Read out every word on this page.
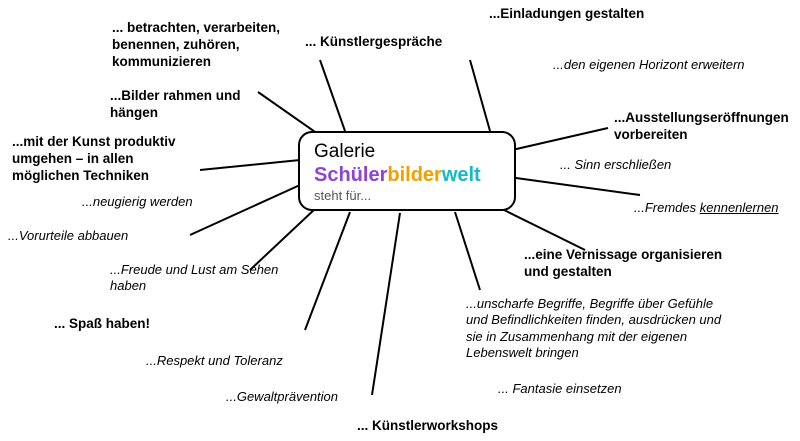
Galerie
Schülerbilderwelt
steht für...
... betrachten, verarbeiten, benennen, zuhören, kommunizieren
... Künstlergespräche
...Einladungen gestalten
...den eigenen Horizont erweitern
...Bilder rahmen und hängen	...Ausstellungseröffnungen vorbereiten
...mit der Kunst produktiv umgehen – in allen möglichen Techniken
... Sinn erschließen
...neugierig werden	...Fremdes kennenlernen
...Vorurteile abbauen
...eine Vernissage organisieren und gestalten
...Freude und Lust am Sehen haben
...unscharfe Begriffe, Begriffe über Gefühle und Befindlichkeiten finden, ausdrücken und sie in Zusammenhang mit der eigenen Lebenswelt bringen
... Spaß haben!
...Respekt und Toleranz
... Fantasie einsetzen
...Gewaltprävention
... Künstlerworkshops
